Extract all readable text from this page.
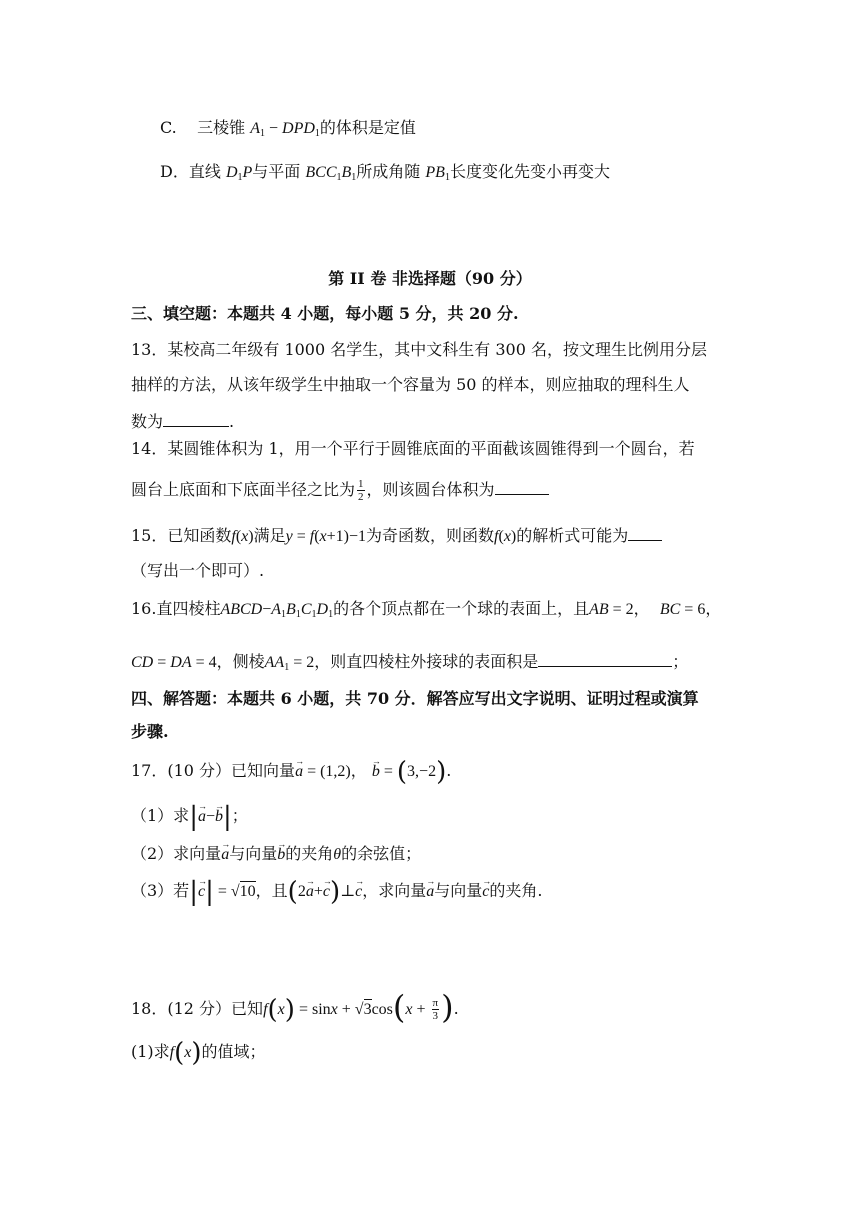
C. 三棱锥 $A_1 - DPD_1$的体积是定值
D．直线 $D_1P$与平面 $BCC_1B_1$所成角随 $PB_1$长度变化先变小再变大
第 II 卷 非选择题（90 分）
三、填空题：本题共 4 小题，每小题 5 分，共 20 分.
13．某校高二年级有 1000 名学生，其中文科生有 300 名，按文理生比例用分层
抽样的方法，从该年级学生中抽取一个容量为 50 的样本，则应抽取的理科生人
数为	.
14．某圆锥体积为 1，用一个平行于圆锥底面的平面截该圆锥得到一个圆台，若
圆台上底面和下底面半径之比为 $\frac{1}{2}$ ，则该圆台体积为
15．已知函数f(x)满足y = f(x+1)−1为奇函数，则函数f(x)的解析式可能为
（写出一个即可）.
16.直四棱柱$ABCD-A_1B_1C_1D_1$的各个顶点都在一个球的表面上，且AB = 2， BC = 6，
CD = DA = 4，侧棱$AA_1 = 2$，则直四棱柱外接球的表面积是	；
四、解答题：本题共 6 小题，共 70 分．解答应写出文字说明、证明过程或演算
步骤.
17．(10 分）已知向量→ a = (1,2)， → b = (3,−2).
（1）求|→ a−→ b|；
（2）求向量→ a与向量→ b的夹角θ的余弦值；
（3）若|→ c| = √10，且(2→ a+→ c)⊥→ c，求向量→ a与向量→ c的夹角.
18．(12 分）已知$f(x) = \sin x + √3\cos(x + \frac{\pi}{3}$ ).
(1)求f(x)的值域；
